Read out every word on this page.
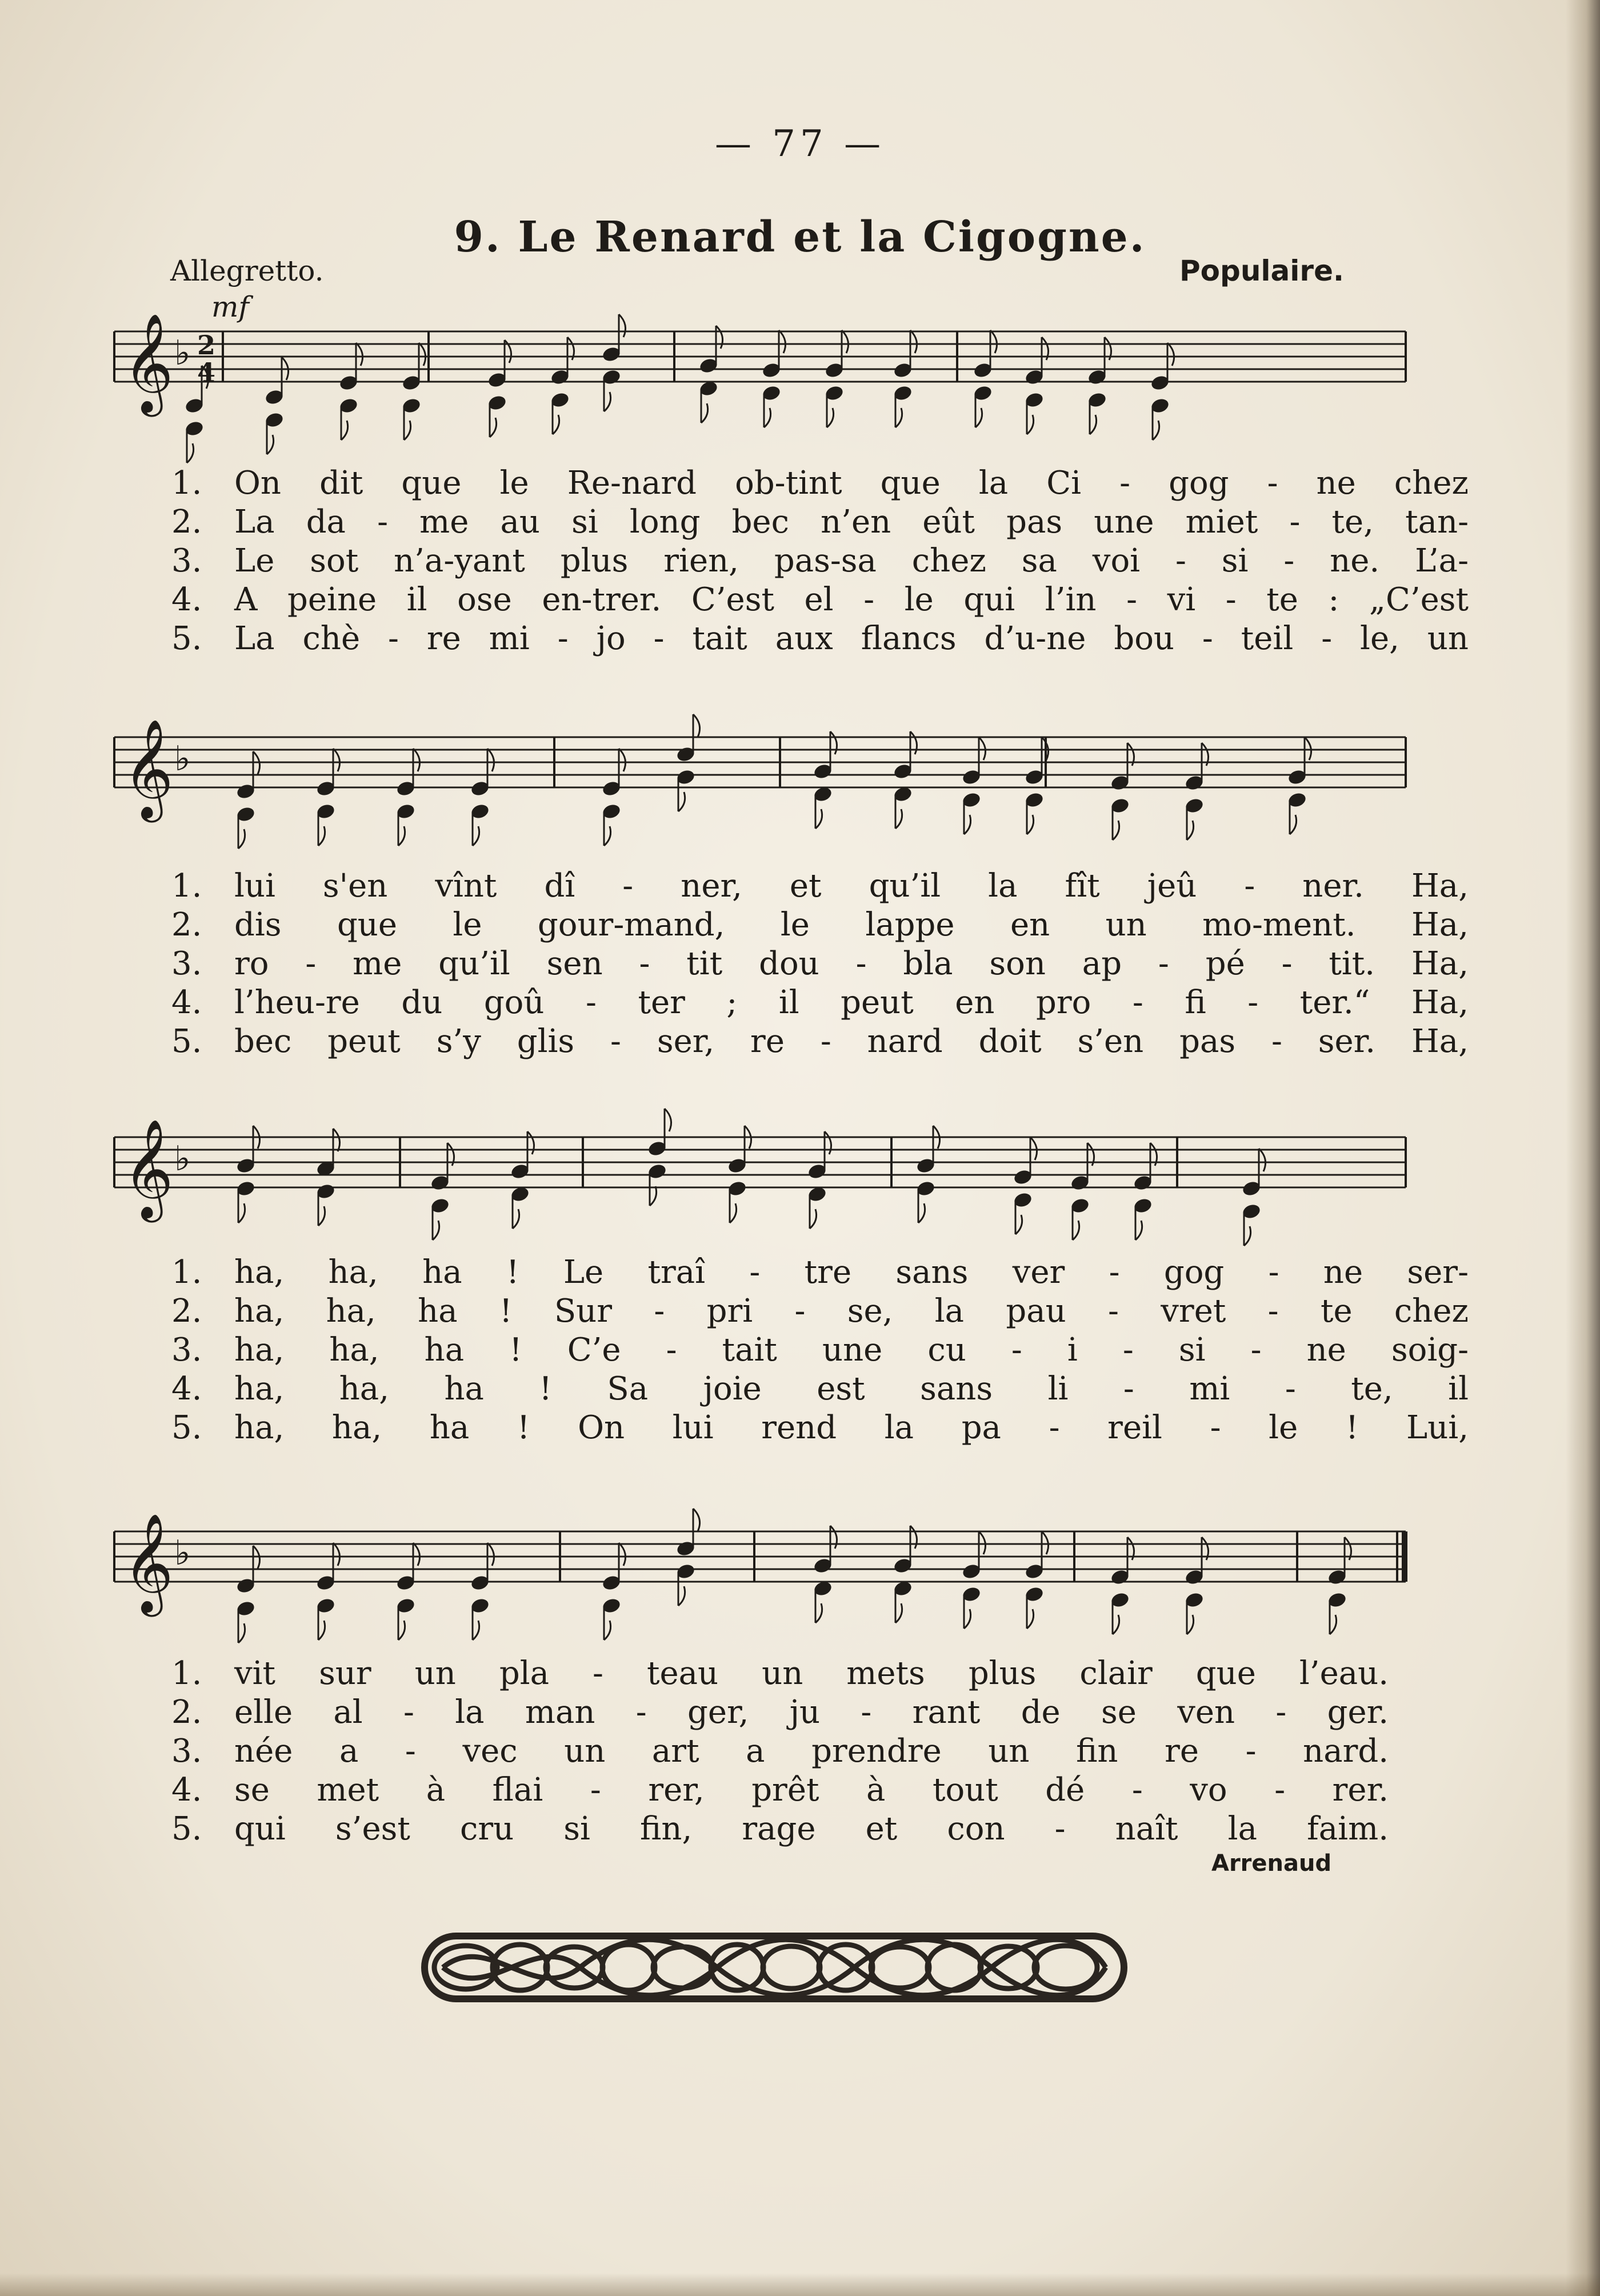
— 77 —
9. Le Renard et la Cigogne.
Allegretto.	Populaire.
mf
𝄞 ♭ 2
4
𝄞 ♭
𝄞 ♭
𝄞 ♭
1.	On dit que le Re-nard ob-tint que la Ci - gog - ne chez
2.	La da - me au si long bec n’en eût pas une miet - te, tan-
3.	Le sot n’a-yant plus rien, pas-sa chez sa voi - si - ne. L’a-
4.	A peine il ose en-trer. C’est el - le qui l’in - vi - te : „C’est
5.	La chè - re mi - jo - tait aux flancs d’u-ne bou - teil - le, un
1.	lui s'en vînt dî - ner, et qu’il la fît jeû - ner. Ha,
2.	dis que le gour-mand, le lappe en un mo-ment. Ha,
3.	ro - me qu’il sen - tit dou - bla son ap - pé - tit. Ha,
4.	l’heu-re du goû - ter ; il peut en pro - fi - ter.“ Ha,
5.	bec peut s’y glis - ser, re - nard doit s’en pas - ser. Ha,
1.	ha, ha, ha ! Le traî - tre sans ver - gog - ne ser-
2.	ha, ha, ha ! Sur - pri - se, la pau - vret - te chez
3.	ha, ha, ha ! C’e - tait une cu - i - si - ne soig-
4.	ha, ha, ha ! Sa joie est sans li - mi - te, il
5.	ha, ha, ha ! On lui rend la pa - reil - le ! Lui,
1.	vit sur un pla - teau un mets plus clair que l’eau.
2.	elle al - la man - ger, ju - rant de se ven - ger.
3.	née a - vec un art a prendre un fin re - nard.
4.	se met à flai - rer, prêt à tout dé - vo - rer.
5.	qui s’est cru si fin, rage et con - naît la faim.
Arrenaud
